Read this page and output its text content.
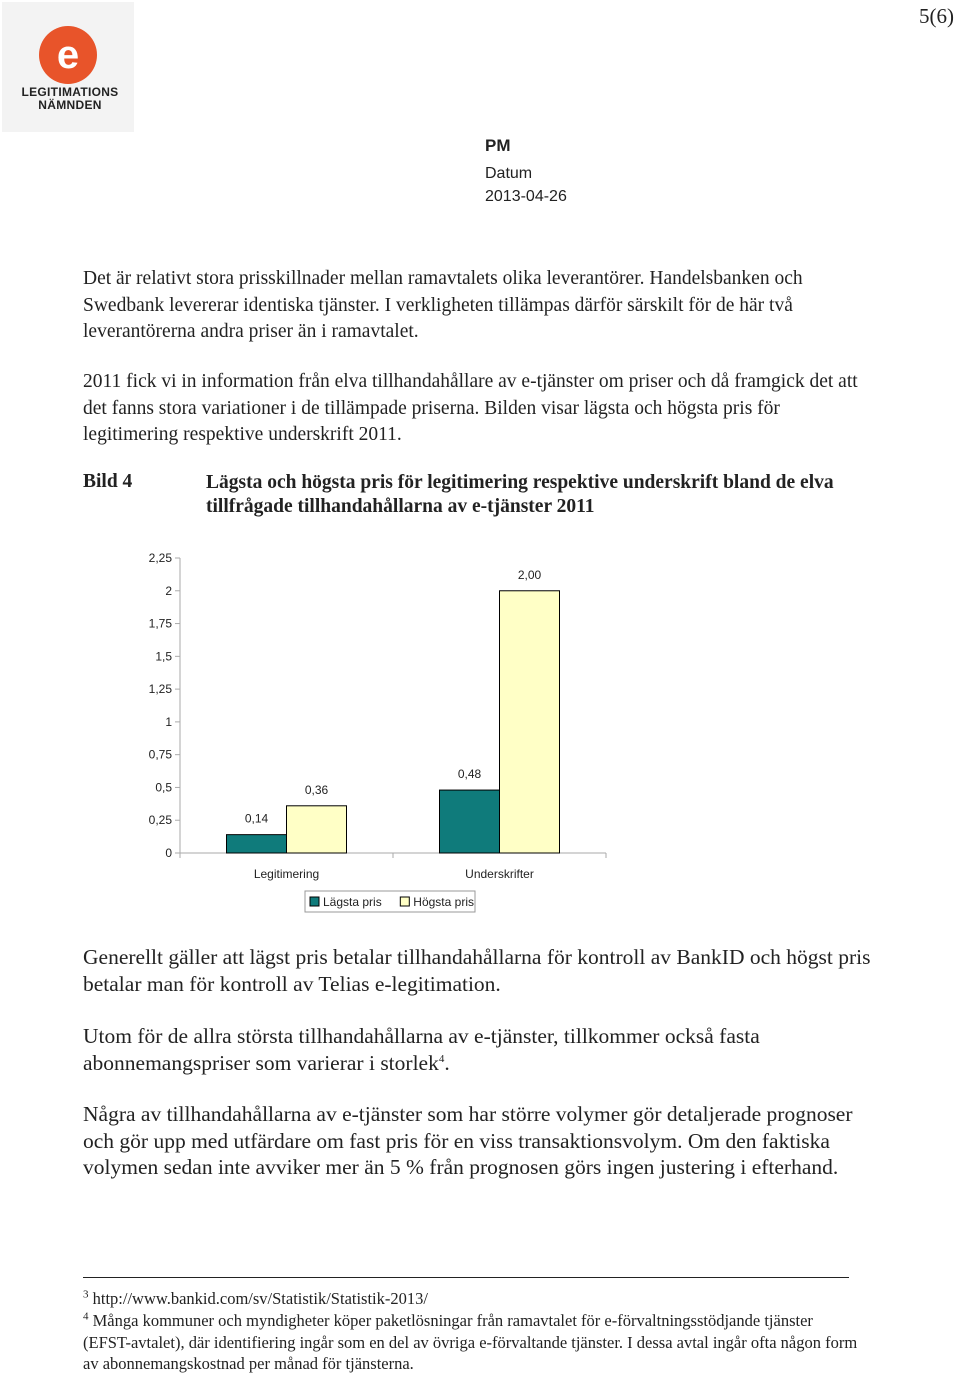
e
LEGITIMATIONS
NÄMNDEN
5(6)
PM
Datum
2013-04-26

Det är relativt stora prisskillnader mellan ramavtalets olika leverantörer. Handelsbanken och Swedbank levererar identiska tjänster. I verkligheten tillämpas därför särskilt för de här två leverantörerna andra priser än i ramavtalet.

2011 fick vi in information från elva tillhandahållare av e-tjänster om priser och då framgick det att det fanns stora variationer i de tillämpade priserna. Bilden visar lägsta och högsta pris för legitimering respektive underskrift 2011.

Bild 4	Lägsta och högsta pris för legitimering respektive underskrift bland de elva tillfrågade tillhandahållarna av e-tjänster 2011
0
0,25
0,5
0,75
1
1,25
1,5
1,75
2
2,25
0,14
0,36
Legitimering
0,48
2,00
Underskrifter
Lägsta pris	Högsta pris

Generellt gäller att lägst pris betalar tillhandahållarna för kontroll av BankID och högst pris betalar man för kontroll av Telias e-legitimation.

Utom för de allra största tillhandahållarna av e-tjänster, tillkommer också fasta abonnemangspriser som varierar i storlek$^4$.

Några av tillhandahållarna av e-tjänster som har större volymer gör detaljerade prognoser och gör upp med utfärdare om fast pris för en viss transaktionsvolym. Om den faktiska volymen sedan inte avviker mer än 5 % från prognosen görs ingen justering i efterhand.

$^3$ http://www.bankid.com/sv/Statistik/Statistik-2013/

$^4$ Många kommuner och myndigheter köper paketlösningar från ramavtalet för e-förvaltningsstödjande tjänster (EFST-avtalet), där identifiering ingår som en del av övriga e-förvaltande tjänster. I dessa avtal ingår ofta någon form av abonnemangskostnad per månad för tjänsterna.
